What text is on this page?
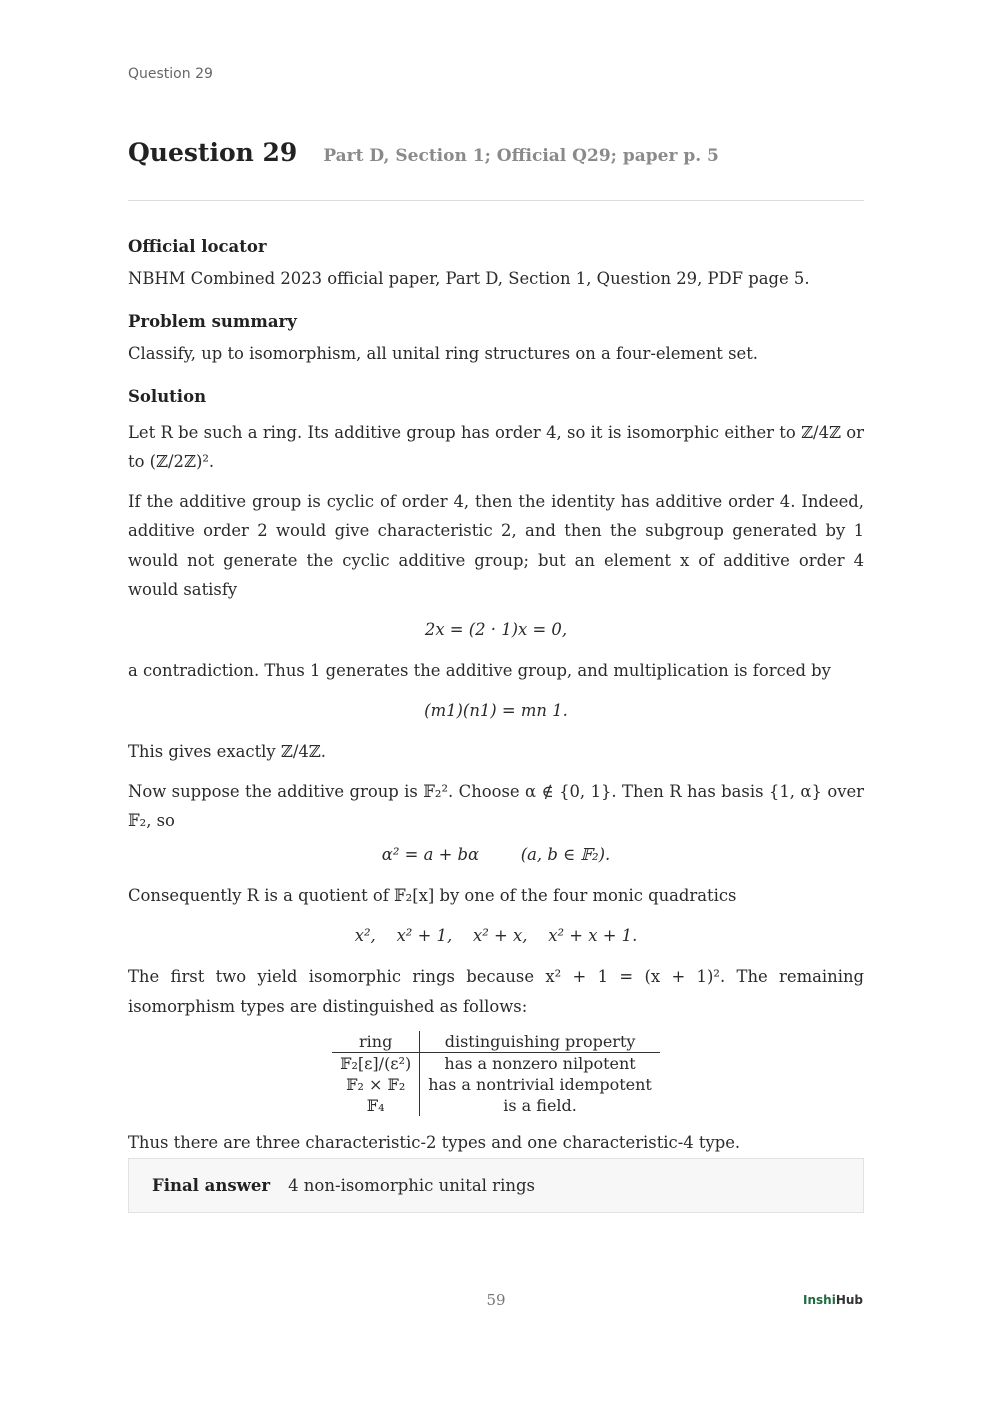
Question 29
Question 29 Part D, Section 1; Official Q29; paper p. 5
Official locator

NBHM Combined 2023 official paper, Part D, Section 1, Question 29, PDF page 5.

Problem summary

Classify, up to isomorphism, all unital ring structures on a four-element set.

Solution

Let R be such a ring. Its additive group has order 4, so it is isomorphic either to ℤ/4ℤ or to (ℤ/2ℤ)².

If the additive group is cyclic of order 4, then the identity has additive order 4. Indeed, additive order 2 would give characteristic 2, and then the subgroup generated by 1 would not generate the cyclic additive group; but an element x of additive order 4 would satisfy

2x = (2 · 1)x = 0,

a contradiction. Thus 1 generates the additive group, and multiplication is forced by

(m1)(n1) = mn 1.

This gives exactly ℤ/4ℤ.

Now suppose the additive group is 𝔽₂². Choose α ∉ {0, 1}. Then R has basis {1, α} over 𝔽₂, so

α² = a + bα        (a, b ∈ 𝔽₂).

Consequently R is a quotient of 𝔽₂[x] by one of the four monic quadratics

x²,    x² + 1,    x² + x,    x² + x + 1.

The first two yield isomorphic rings because x² + 1 = (x + 1)². The remaining isomorphism types are distinguished as follows:

ring	distinguishing property
𝔽₂[ε]/(ε²)	has a nonzero nilpotent
𝔽₂ × 𝔽₂	has a nontrivial idempotent
𝔽₄	is a field.

Thus there are three characteristic-2 types and one characteristic-4 type.

Final answer 4 non-isomorphic unital rings
59	InshiHub
